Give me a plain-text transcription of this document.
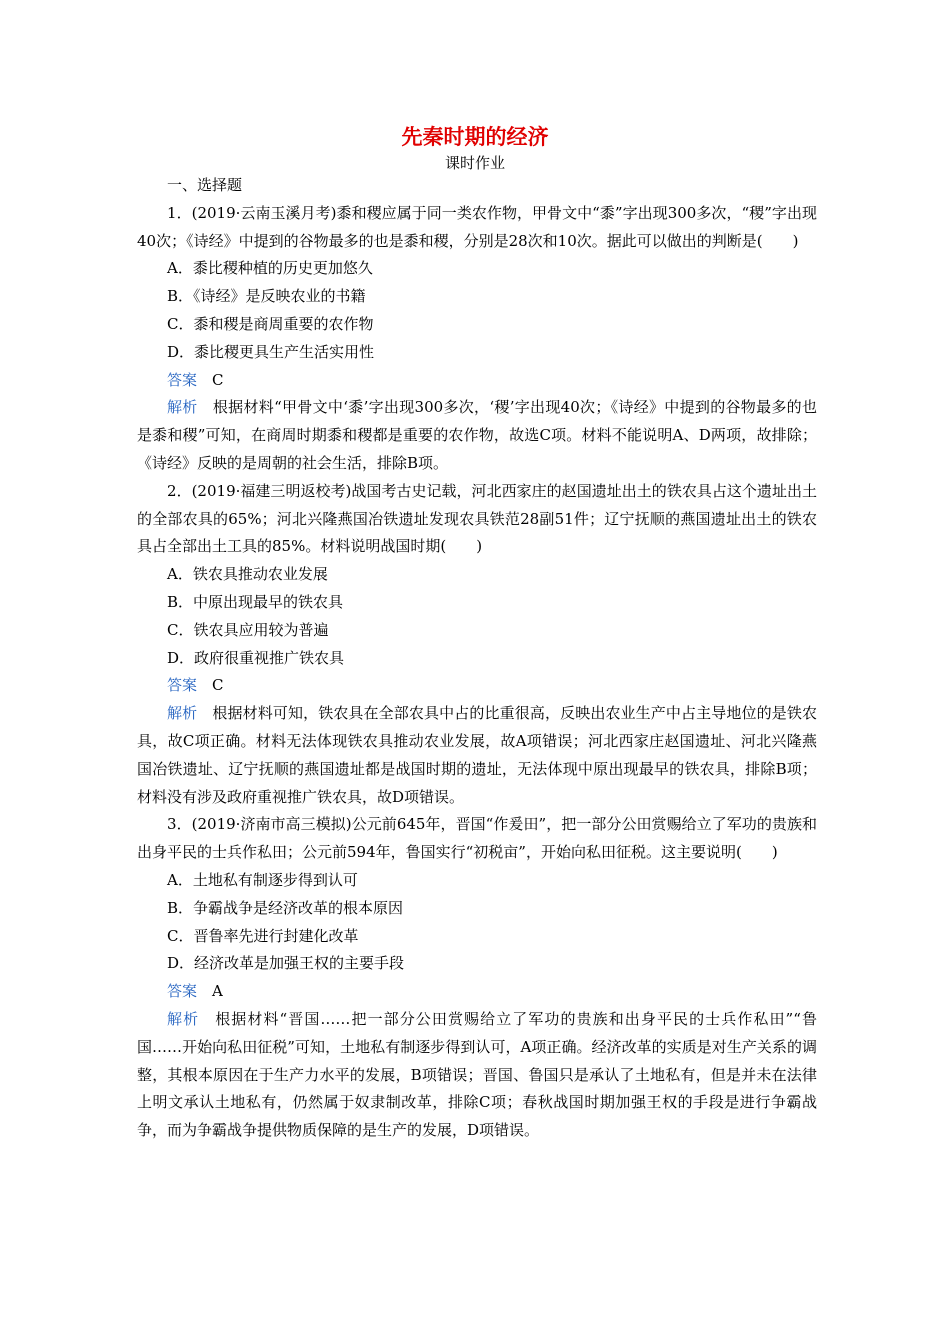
先秦时期的经济
课时作业

一、选择题

1．(2019·云南玉溪月考)黍和稷应属于同一类农作物，甲骨文中“黍”字出现300多次，“稷”字出现40次；《诗经》中提到的谷物最多的也是黍和稷，分别是28次和10次。据此可以做出的判断是(　　)

A．黍比稷种植的历史更加悠久

B．《诗经》是反映农业的书籍

C．黍和稷是商周重要的农作物

D．黍比稷更具生产生活实用性

答案 C

解析　 根据材料“甲骨文中‘黍’字出现300多次，‘稷’字出现40次；《诗经》中提到的谷物最多的也是黍和稷”可知，在商周时期黍和稷都是重要的农作物，故选C项。材料不能说明A、D两项，故排除；《诗经》反映的是周朝的社会生活，排除B项。

2．(2019·福建三明返校考)战国考古史记载，河北西家庄的赵国遗址出土的铁农具占这个遗址出土的全部农具的65%；河北兴隆燕国冶铁遗址发现农具铁范28副51件；辽宁抚顺的燕国遗址出土的铁农具占全部出土工具的85%。材料说明战国时期(　　)

A．铁农具推动农业发展

B．中原出现最早的铁农具

C．铁农具应用较为普遍

D．政府很重视推广铁农具

答案 C

解析　 根据材料可知，铁农具在全部农具中占的比重很高，反映出农业生产中占主导地位的是铁农具，故C项正确。材料无法体现铁农具推动农业发展，故A项错误；河北西家庄赵国遗址、河北兴隆燕国冶铁遗址、辽宁抚顺的燕国遗址都是战国时期的遗址，无法体现中原出现最早的铁农具，排除B项；材料没有涉及政府重视推广铁农具，故D项错误。

3．(2019·济南市高三模拟)公元前645年，晋国“作爰田”，把一部分公田赏赐给立了军功的贵族和出身平民的士兵作私田；公元前594年，鲁国实行“初税亩”，开始向私田征税。这主要说明(　　)

A．土地私有制逐步得到认可

B．争霸战争是经济改革的根本原因

C．晋鲁率先进行封建化改革

D．经济改革是加强王权的主要手段

答案 A

解析　 根据材料“晋国……把一部分公田赏赐给立了军功的贵族和出身平民的士兵作私田”“鲁国……开始向私田征税”可知，土地私有制逐步得到认可，A项正确。经济改革的实质是对生产关系的调整，其根本原因在于生产力水平的发展，B项错误；晋国、鲁国只是承认了土地私有，但是并未在法律上明文承认土地私有，仍然属于奴隶制改革，排除C项；春秋战国时期加强王权的手段是进行争霸战争，而为争霸战争提供物质保障的是生产的发展，D项错误。
